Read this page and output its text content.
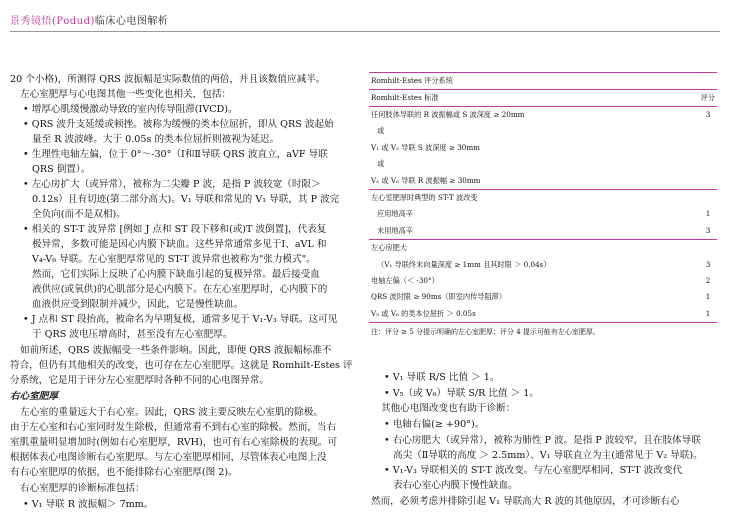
景秀镜悟(Podud)临床心电图解析
20 个小格)，所测得 QRS 波振幅是实际数值的两倍，并且该数值应减半。
左心室肥厚与心电图其他一些变化也相关，包括：
• 增厚心肌缓慢激动导致的室内传导阻滞(IVCD)。
• QRS 波升支延缓或顿挫。被称为缓慢的类本位屈折，即从 QRS 波起始
量至 R 波波峰。大于 0.05s 的类本位屈折则被视为延迟。
• 生理性电轴左偏，位于 0°～-30°（Ⅰ和Ⅱ导联 QRS 波直立，aVF 导联
QRS 倒置）。
• 左心房扩大（或异常），被称为二尖瓣 P 波，是指 P 波较宽（时限＞
0.12s）且有切迹(第二部分高大)。V₁ 导联和常见的 V₁ 导联，其 P 波完
全负向(而不是双相)。
• 相关的 ST-T 波异常 [例如 J 点和 ST 段下移和(或)T 波倒置]，代表复
极异常，多数可能是因心内膜下缺血。这些异常通常多见于Ⅰ、aVL 和
V₄-V₆ 导联。左心室肥厚常见的 ST-T 波异常也被称为"张力模式"。
然而，它们实际上反映了心内膜下缺血引起的复极异常。最后接受血
液供应(或氧供)的心肌部分是心内膜下。在左心室肥厚时，心内膜下的
血液供应受到限制并减少，因此，它是慢性缺血。
• J 点和 ST 段抬高，被命名为早期复极，通常多见于 V₁-V₃ 导联。这可见
于 QRS 波电压增高时，甚至没有左心室肥厚。
如前所述，QRS 波振幅受一些条件影响。因此，即便 QRS 波振幅标准不
符合，但仍有其他相关的改变，也可存在左心室肥厚。这就是 Romhilt-Estes 评
分系统，它是用于评分左心室肥厚时各种不同的心电图异常。
右心室肥厚
左心室的重量远大于右心室。因此，QRS 波主要反映左心室肌的除极。
由于左心室和右心室同时发生除极，但通常看不到右心室的除极。然而，当右
室肌重量明显增加时(例如右心室肥厚，RVH)，也可有右心室除极的表现。可
根据体表心电图诊断右心室肥厚。与左心室肥厚相同，尽管体表心电图上没
有右心室肥厚的依据，也不能排除右心室肥厚(图 2)。
右心室肥厚的诊断标准包括：
• V₁ 导联 R 波振幅＞ 7mm。
Romhilt-Estes 评分系统
Romhilt-Estes 标准	评分
任何肢体导联的 R 波振幅或 S 波深度 ≥ 20mm	3
或
V₁ 或 V₂ 导联 S 波深度 ≥ 30mm
或
V₅ 或 V₆ 导联 R 波振幅 ≥ 30mm
左心室肥厚时典型的 ST-T 波改变
应用地高辛	1
未用地高辛	3
左心房肥大
（V₁ 导联终末向量深度 ≥ 1mm 且其时限 ＞ 0.04s）	3
电轴左偏（＜ -30°）	2
QRS 波时限 ≥ 90ms（即室内传导阻滞）	1
V₅ 或 V₆ 的类本位屈折 ＞ 0.05s	1
注：评分 ≥ 5 分提示明确的左心室肥厚；评分 4 提示可能有左心室肥厚。
• V₁ 导联 R/S 比值 ＞ 1。
• V₅（或 V₆）导联 S/R 比值 ＞ 1。
其他心电图改变也有助于诊断：
• 电轴右偏(≥ +90°)。
• 右心房肥大（或异常），被称为肺性 P 波。是指 P 波较窄，且在肢体导联
高尖（Ⅱ导联的高度 ＞ 2.5mm）、V₁ 导联直立为主(通常见于 V₂ 导联)。
• V₁-V₃ 导联相关的 ST-T 波改变。与左心室肥厚相同，ST-T 波改变代
表右心室心内膜下慢性缺血。
然而，必须考虑并排除引起 V₁ 导联高大 R 波的其他原因，才可诊断右心
